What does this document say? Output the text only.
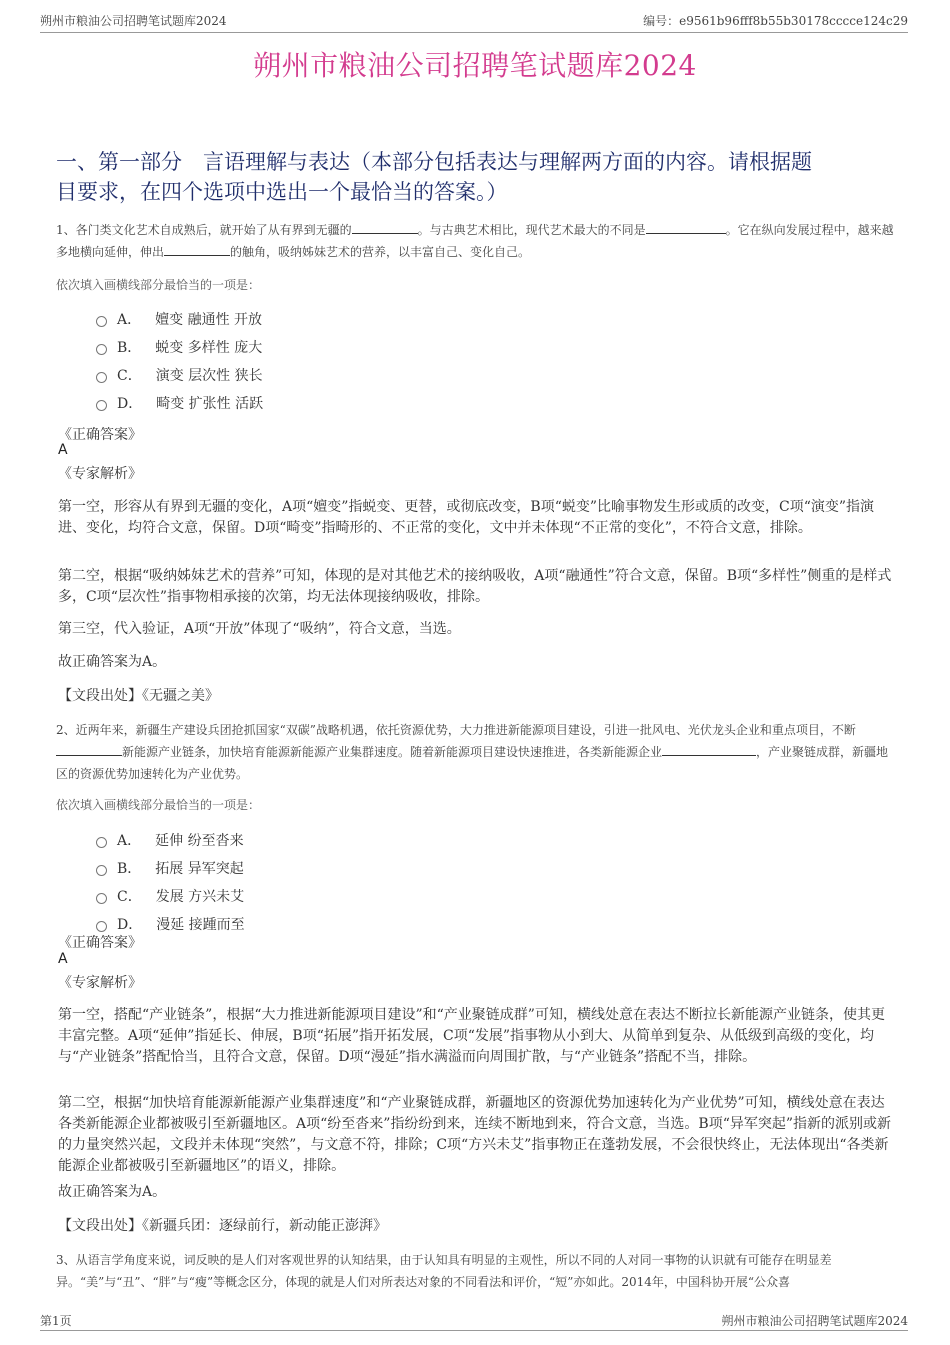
朔州市粮油公司招聘笔试题库2024	编号：e9561b96fff8b55b30178cccce124c29
朔州市粮油公司招聘笔试题库2024
一、第一部分　言语理解与表达（本部分包括表达与理解两方面的内容。请根据题
目要求，在四个选项中选出一个最恰当的答案。）
1、各门类文化艺术自成熟后，就开始了从有界到无疆的	。与古典艺术相比，现代艺术最大的不同是	。它在纵向发展过程中，越来越多地横向延伸，伸出	的触角，吸纳姊妹艺术的营养，以丰富自己、变化自己。
依次填入画横线部分最恰当的一项是：
A． 嬗变 融通性 开放
B． 蜕变 多样性 庞大
C． 演变 层次性 狭长
D． 畸变 扩张性 活跃
《正确答案》
A
《专家解析》
第一空，形容从有界到无疆的变化，A项“嬗变”指蜕变、更替，或彻底改变，B项“蜕变”比喻事物发生形或质的改变，C项“演变”指演进、变化，均符合文意，保留。D项“畸变”指畸形的、不正常的变化，文中并未体现“不正常的变化”，不符合文意，排除。
第二空，根据“吸纳姊妹艺术的营养”可知，体现的是对其他艺术的接纳吸收，A项“融通性”符合文意，保留。B项“多样性”侧重的是样式多，C项“层次性”指事物相承接的次第，均无法体现接纳吸收，排除。
第三空，代入验证，A项“开放”体现了“吸纳”，符合文意，当选。
故正确答案为A。
【文段出处】《无疆之美》
2、近两年来，新疆生产建设兵团抢抓国家“双碳”战略机遇，依托资源优势，大力推进新能源项目建设，引进一批风电、光伏龙头企业和重点项目，不断新能源产业链条，加快培育能源新能源产业集群速度。随着新能源项目建设快速推进，各类新能源企业	，产业聚链成群，新疆地区的资源优势加速转化为产业优势。
依次填入画横线部分最恰当的一项是：
A． 延伸 纷至沓来
B． 拓展 异军突起
C． 发展 方兴未艾
D． 漫延 接踵而至
《正确答案》
A
《专家解析》
第一空，搭配“产业链条”，根据“大力推进新能源项目建设”和“产业聚链成群”可知，横线处意在表达不断拉长新能源产业链条，使其更丰富完整。A项“延伸”指延长、伸展，B项“拓展”指开拓发展，C项“发展”指事物从小到大、从简单到复杂、从低级到高级的变化，均与“产业链条”搭配恰当，且符合文意，保留。D项“漫延”指水满溢而向周围扩散，与“产业链条”搭配不当，排除。
第二空，根据“加快培育能源新能源产业集群速度”和“产业聚链成群，新疆地区的资源优势加速转化为产业优势”可知，横线处意在表达各类新能源企业都被吸引至新疆地区。A项“纷至沓来”指纷纷到来，连续不断地到来，符合文意，当选。B项“异军突起”指新的派别或新的力量突然兴起，文段并未体现“突然”，与文意不符，排除；C项“方兴未艾”指事物正在蓬勃发展，不会很快终止，无法体现出“各类新能源企业都被吸引至新疆地区”的语义，排除。
故正确答案为A。
【文段出处】《新疆兵团：逐绿前行，新动能正澎湃》
3、从语言学角度来说，词反映的是人们对客观世界的认知结果，由于认知具有明显的主观性，所以不同的人对同一事物的认识就有可能存在明显差异。“美”与“丑”、“胖”与“瘦”等概念区分，体现的就是人们对所表达对象的不同看法和评价，“短”亦如此。2014年，中国科协开展“公众喜
第1页	朔州市粮油公司招聘笔试题库2024
